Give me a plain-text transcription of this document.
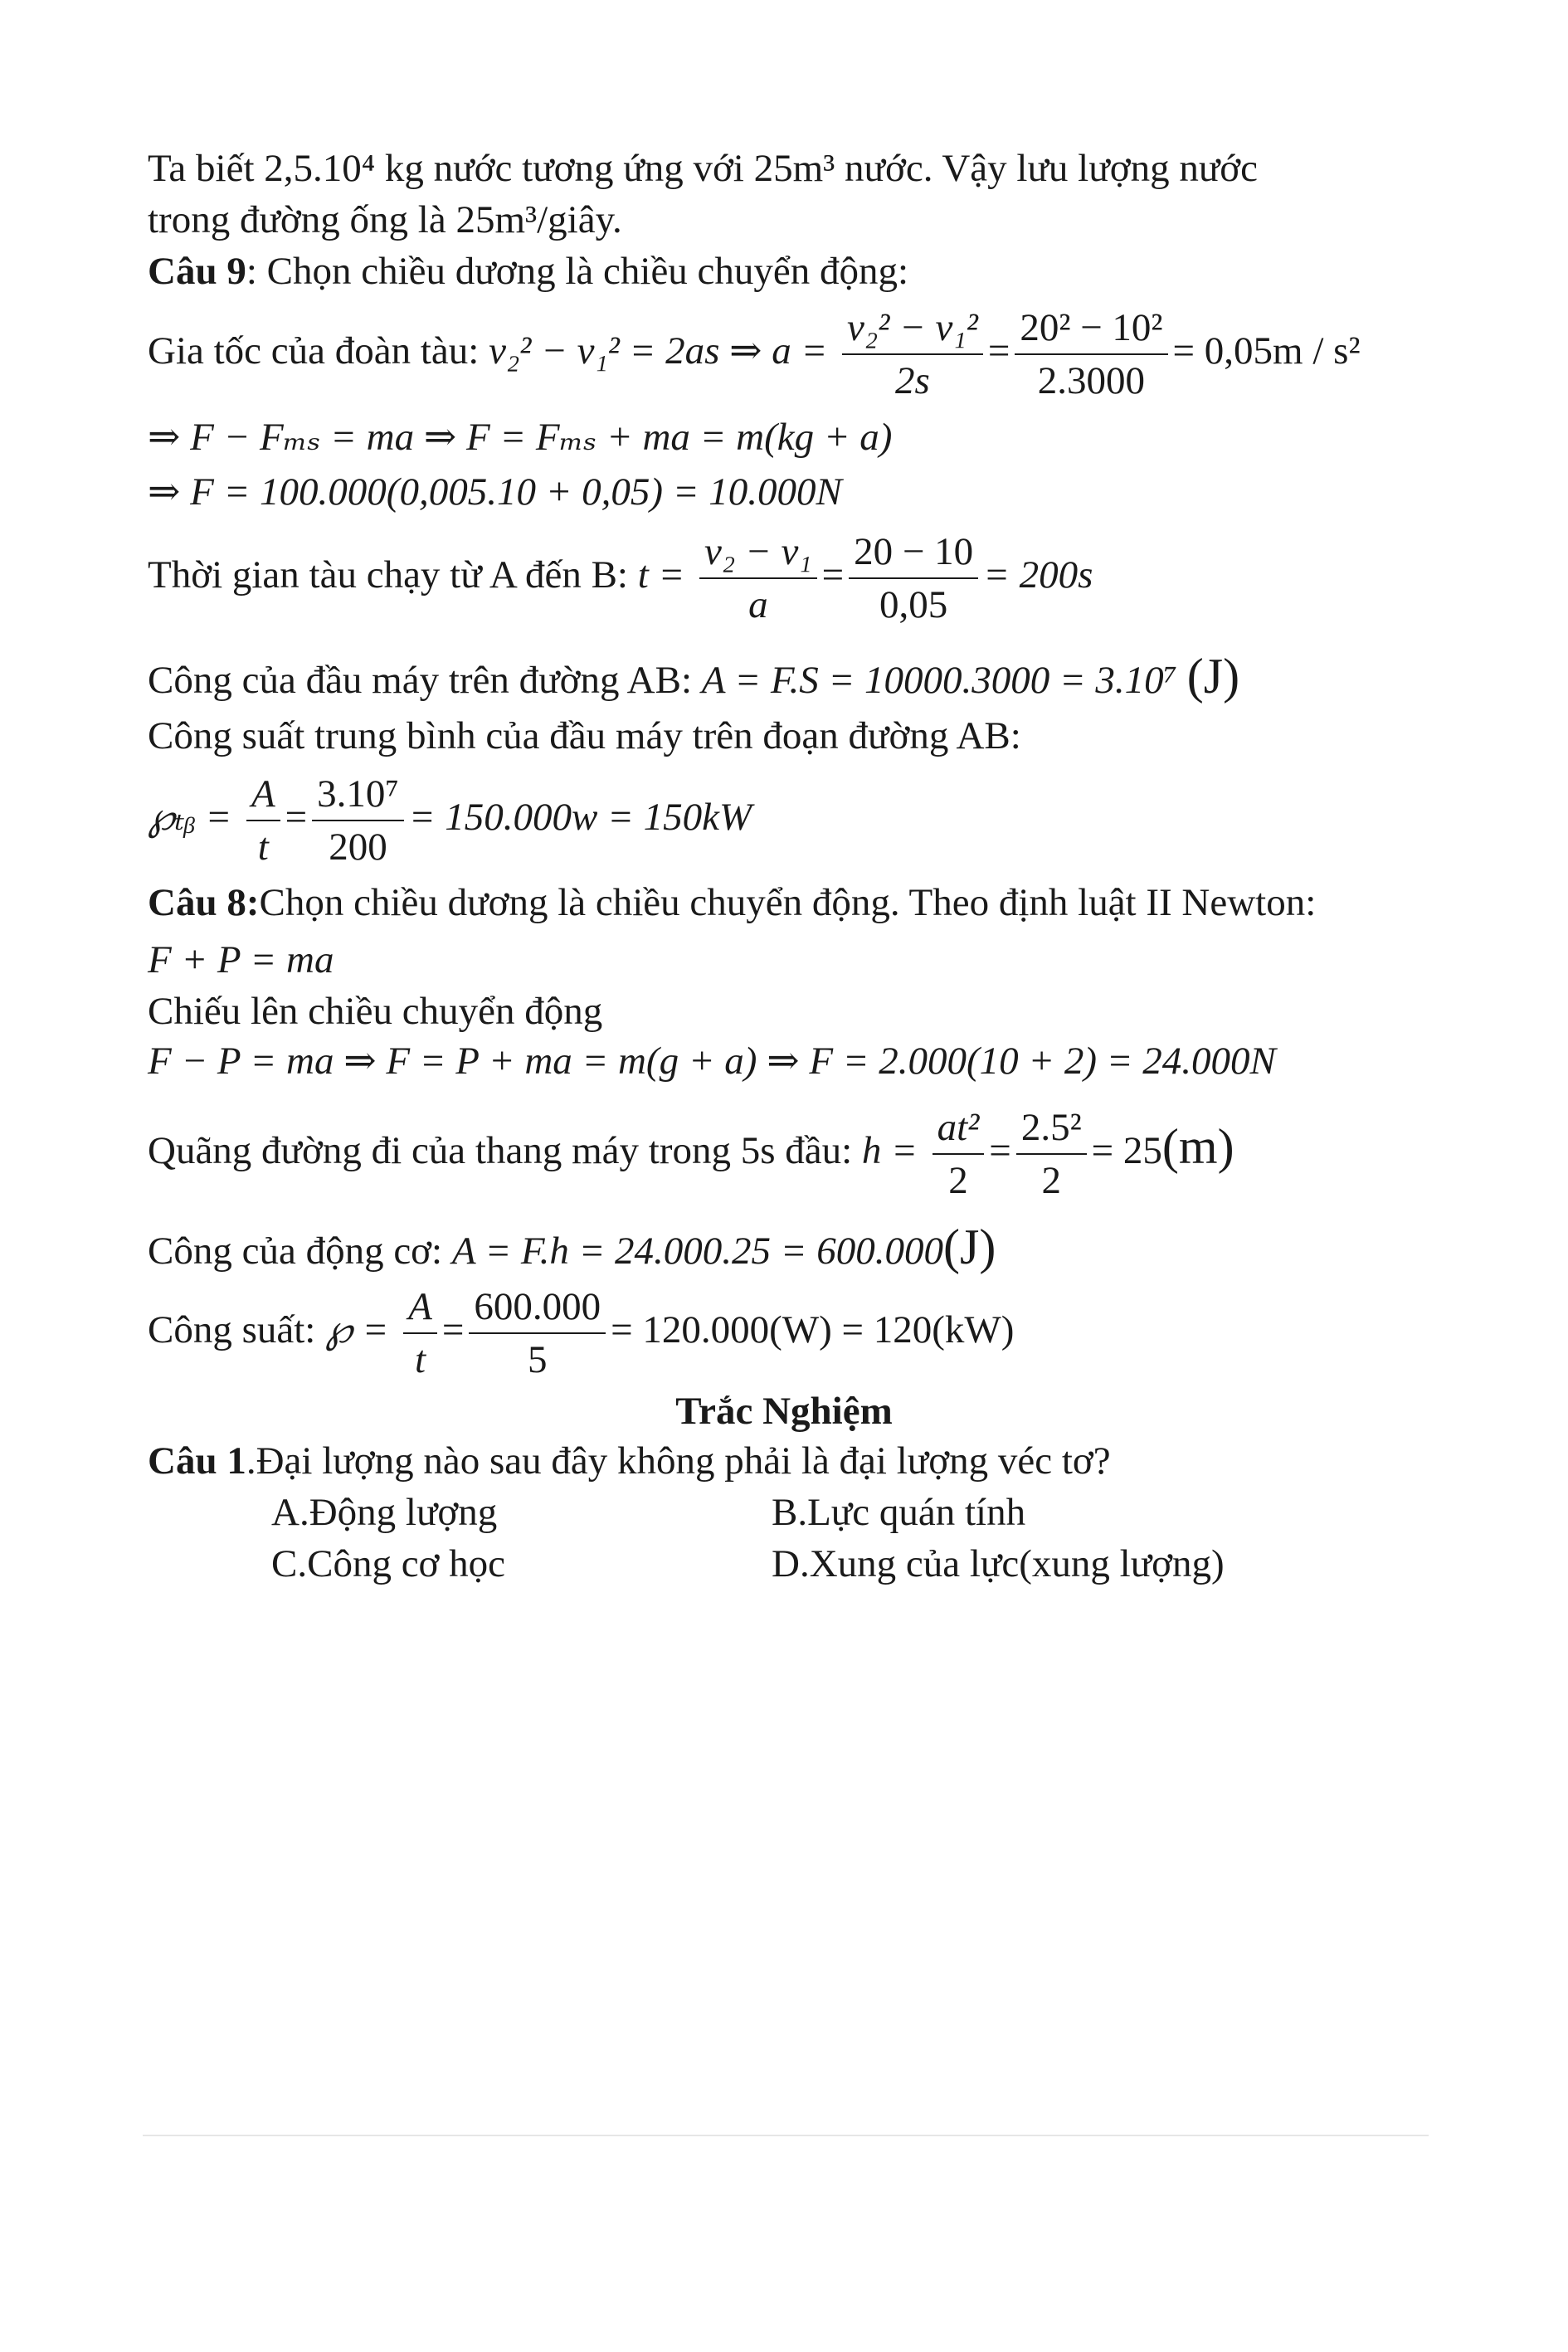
Ta biết 2,5.10⁴ kg nước tương ứng với 25m³ nước. Vậy lưu lượng nước
trong đường ống là 25m³/giây.
Câu 9: Chọn chiều dương là chiều chuyển động:
Gia tốc của đoàn tàu: v₂² − v₁² = 2as ⇒ $a = \frac{\text{v₂² − v₁²}}{2s} = \frac{\text{20² − 10²}}{2.3000} = 0,05m / s^2$
⇒ F − Fₘₛ = ma ⇒ F = Fₘₛ + ma = m(kg + a)
⇒ F = 100.000(0,005.10 + 0,05) = 10.000N
Thời gian tàu chạy từ A đến B: $t = \frac{\text{v₂ − v₁}}{a} = \frac{20 - 10}{0,05} = 200s$
Công của đầu máy trên đường AB: A = F.S = 10000.3000 = 3.10⁷ (J)
Công suất trung bình của đầu máy trên đoạn đường AB:
℘ₜᵦ = $\frac{A}{t} = \frac{\text{3.10⁷}}{200} = 150.000w = 150kW$
Câu 8:Chọn chiều dương là chiều chuyển động. Theo định luật II Newton:
F + P = ma
Chiếu lên chiều chuyển động
F − P = ma ⇒ F = P + ma = m(g + a) ⇒ F = 2.000(10 + 2) = 24.000N
Quãng đường đi của thang máy trong 5s đầu: $h = \frac{\text{at²}}{2} = \frac{\text{2.5²}}{2} = 25(m)$
Công của động cơ: A = F.h = 24.000.25 = 600.000(J)
Công suất: ℘ = $\frac{A}{t} = \frac{600.000}{5} = 120.000(W) = 120(kW)$
Trắc Nghiệm
Câu 1.Đại lượng nào sau đây không phải là đại lượng véc tơ?
A.Động lượng	B.Lực quán tính
C.Công cơ học	D.Xung của lực(xung lượng)
